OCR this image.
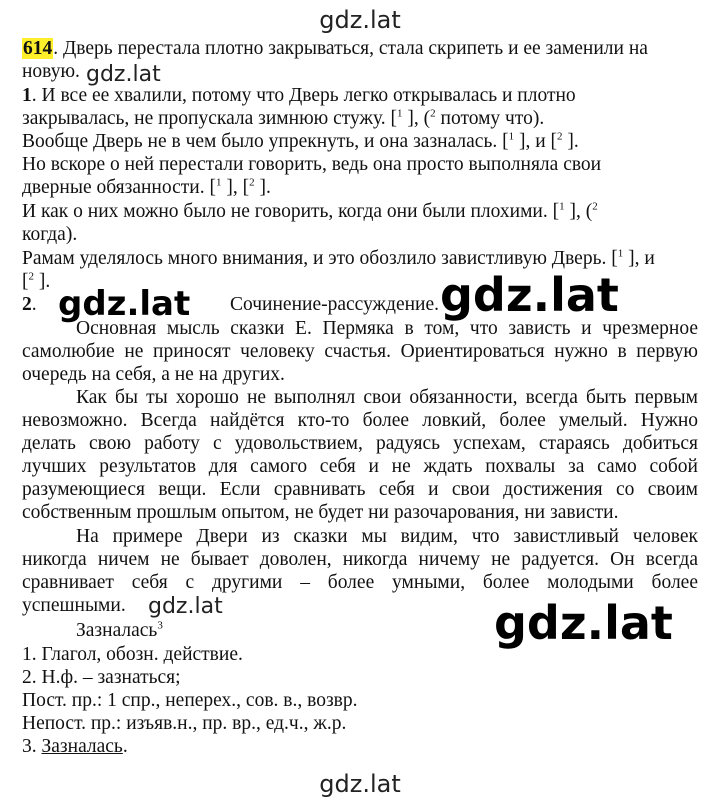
gdz.lat
gdz.lat
gdz.lat	gdz.lat
gdz.lat	gdz.lat
614. Дверь перестала плотно закрываться, стала скрипеть и ее заменили на
новую.
1. И все ее хвалили, потому что Дверь легко открывалась и плотно
закрывалась, не пропускала зимнюю стужу. [$^1$ ], ($^2$ потому что).
Вообще Дверь не в чем было упрекнуть, и она зазналась. [$^1$ ], и [$^2$ ].
Но вскоре о ней перестали говорить, ведь она просто выполняла свои
дверные обязанности. [$^1$ ], [$^2$ ].
И как о них можно было не говорить, когда они были плохими. [$^1$ ], ($^2$
когда).
Рамам уделялось много внимания, и это обозлило завистливую Дверь. [$^1$ ], и
[$^2$ ].
2.	Сочинение-рассуждение.
Основная мысль сказки Е. Пермяка в том, что зависть и чрезмерное
самолюбие не приносят человеку счастья. Ориентироваться нужно в первую
очередь на себя, а не на других.
Как бы ты хорошо не выполнял свои обязанности, всегда быть первым
невозможно. Всегда найдётся кто-то более ловкий, более умелый. Нужно
делать свою работу с удовольствием, радуясь успехам, стараясь добиться
лучших результатов для самого себя и не ждать похвалы за само собой
разумеющиеся вещи. Если сравнивать себя и свои достижения со своим
собственным прошлым опытом, не будет ни разочарования, ни зависти.
На примере Двери из сказки мы видим, что завистливый человек
никогда ничем не бывает доволен, никогда ничему не радуется. Он всегда
сравнивает себя с другими – более умными, более молодыми более
успешными.
Зазналась$^3$
1. Глагол, обозн. действие.
2. Н.ф. – зазнаться;
Пост. пр.: 1 спр., неперех., сов. в., возвр.
Непост. пр.: изъяв.н., пр. вр., ед.ч., ж.р.
3. Зазналась.
gdz.lat
